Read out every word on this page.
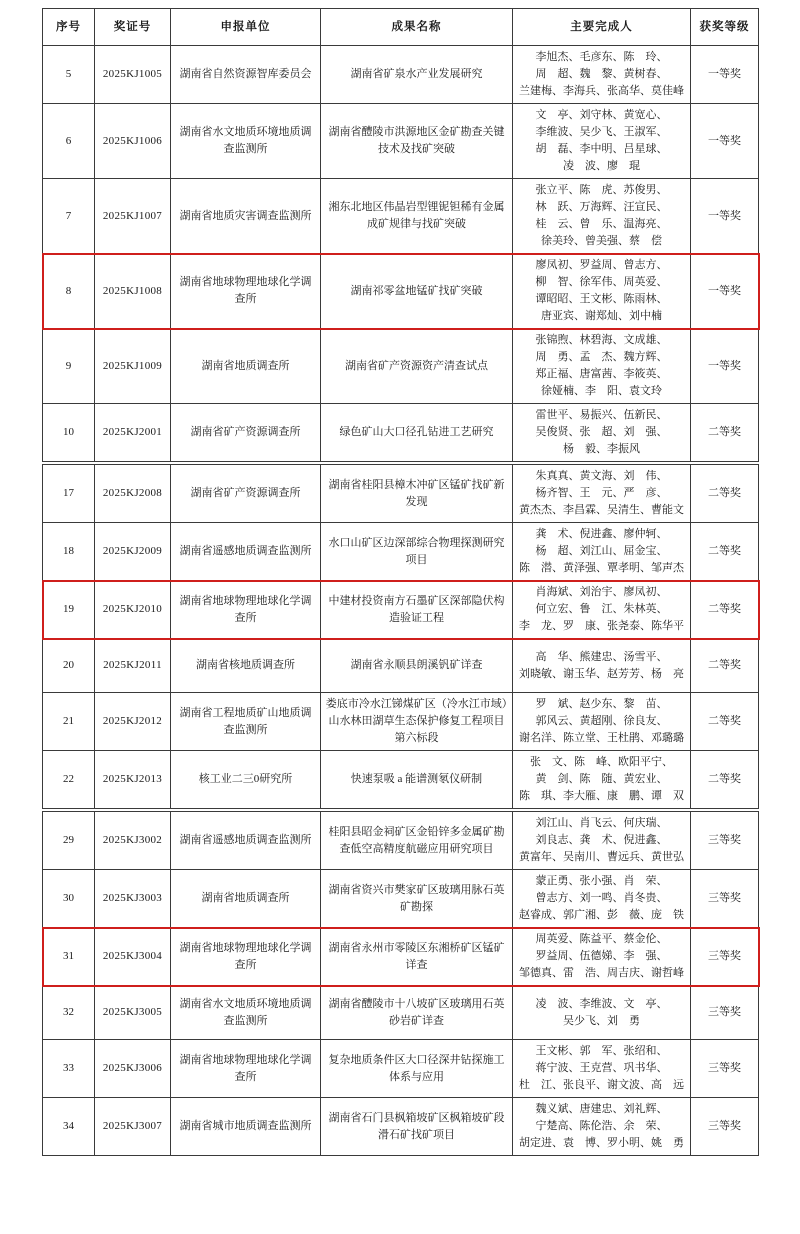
序号	奖证号	申报单位	成果名称	主要完成人	获奖等级
5	2025KJ1005	湖南省自然资源智库委员会	湖南省矿泉水产业发展研究	李旭杰、毛彦东、陈　玲、周　超、魏　黎、黄树春、兰建梅、李海兵、张高华、莫佳峰	一等奖
6	2025KJ1006	湖南省水文地质环境地质调查监测所	湖南省醴陵市洪源地区金矿勘查关键技术及找矿突破	文　亭、刘守林、黄宽心、李维波、吴少飞、王淑军、胡　磊、李中明、吕星球、凌　波、廖　琨	一等奖
7	2025KJ1007	湖南省地质灾害调查监测所	湘东北地区伟晶岩型锂铌钽稀有金属成矿规律与找矿突破	张立平、陈　虎、苏俊男、林　跃、万海辉、汪宣民、桂　云、曾　乐、温海亮、徐美玲、曾美强、蔡　偿	一等奖
8	2025KJ1008	湖南省地球物理地球化学调查所	湖南祁零盆地锰矿找矿突破	廖凤初、罗益周、曾志方、柳　智、徐军伟、周英爱、谭昭昭、王文彬、陈雨林、唐亚宾、谢郑灿、刘中楠	一等奖
9	2025KJ1009	湖南省地质调查所	湖南省矿产资源资产清查试点	张锦煦、林碧海、文成雄、周　勇、孟　杰、魏方辉、郑正福、唐富茜、李筱英、徐娅楠、李　阳、袁文玲	一等奖
10	2025KJ2001	湖南省矿产资源调查所	绿色矿山大口径孔钻进工艺研究	雷世平、易振兴、伍新民、吴俊贤、张　超、刘　强、杨　毅、李振风	二等奖
17	2025KJ2008	湖南省矿产资源调查所	湖南省桂阳县樟木冲矿区锰矿找矿新发现	朱真真、黄文海、刘　伟、杨齐智、王　元、严　彦、黄杰杰、李昌霖、吴清生、曹能文	二等奖
18	2025KJ2009	湖南省遥感地质调查监测所	水口山矿区边深部综合物理探测研究项目	龚　术、倪进鑫、廖仲轲、杨　超、刘江山、屈金宝、陈　潜、黄泽强、覃孝明、邹声杰	二等奖
19	2025KJ2010	湖南省地球物理地球化学调查所	中建材投资南方石墨矿区深部隐伏构造验证工程	肖海斌、刘治宇、廖凤初、何立宏、鲁　江、朱林英、李　龙、罗　康、张尧泰、陈华平	二等奖
20	2025KJ2011	湖南省核地质调查所	湖南省永顺县朗溪钒矿详查	高　华、熊建忠、汤雪平、刘晓敏、谢玉华、赵芳芳、杨　亮	二等奖
21	2025KJ2012	湖南省工程地质矿山地质调查监测所	娄底市冷水江锑煤矿区（冷水江市域）山水林田湖草生态保护修复工程项目第六标段	罗　斌、赵少东、黎　苗、郭风云、黄超刚、徐良友、谢名洋、陈立堂、王杜鹃、邓璐璐	二等奖
22	2025KJ2013	核工业二三0研究所	快速泵吸 a 能谱测氡仪研制	张　文、陈　峰、欧阳平宁、黄　剑、陈　随、黄宏业、陈　琪、李大雁、康　鹏、谭　双	二等奖
29	2025KJ3002	湖南省遥感地质调查监测所	桂阳县昭金祠矿区金铅锌多金属矿勘查低空高精度航磁应用研究项目	刘江山、肖飞云、何庆瑞、刘良志、龚　术、倪进鑫、黄富年、吴南川、曹远兵、黄世弘	三等奖
30	2025KJ3003	湖南省地质调查所	湖南省资兴市樊家矿区玻璃用脉石英矿勘探	蒙正勇、张小强、肖　荣、曾志方、刘一鸣、肖冬贵、赵睿成、郭广湘、彭　薇、庞　铁	三等奖
31	2025KJ3004	湖南省地球物理地球化学调查所	湖南省永州市零陵区东湘桥矿区锰矿详查	周英爱、陈益平、蔡金伦、罗益周、伍德娣、李　强、邹德真、雷　浩、周吉庆、谢哲峰	三等奖
32	2025KJ3005	湖南省水文地质环境地质调查监测所	湖南省醴陵市十八坡矿区玻璃用石英砂岩矿详查	凌　波、李维波、文　亭、吴少飞、刘　勇	三等奖
33	2025KJ3006	湖南省地球物理地球化学调查所	复杂地质条件区大口径深井钻探施工体系与应用	王文彬、郭　军、张绍和、蒋宁波、王克营、巩书华、杜　江、张良平、谢文波、高　远	三等奖
34	2025KJ3007	湖南省城市地质调查监测所	湖南省石门县枫箱坡矿区枫箱坡矿段滑石矿找矿项目	魏义斌、唐建忠、刘礼辉、宁楚高、陈伦浩、余　荣、胡定进、袁　博、罗小明、姚　勇	三等奖
